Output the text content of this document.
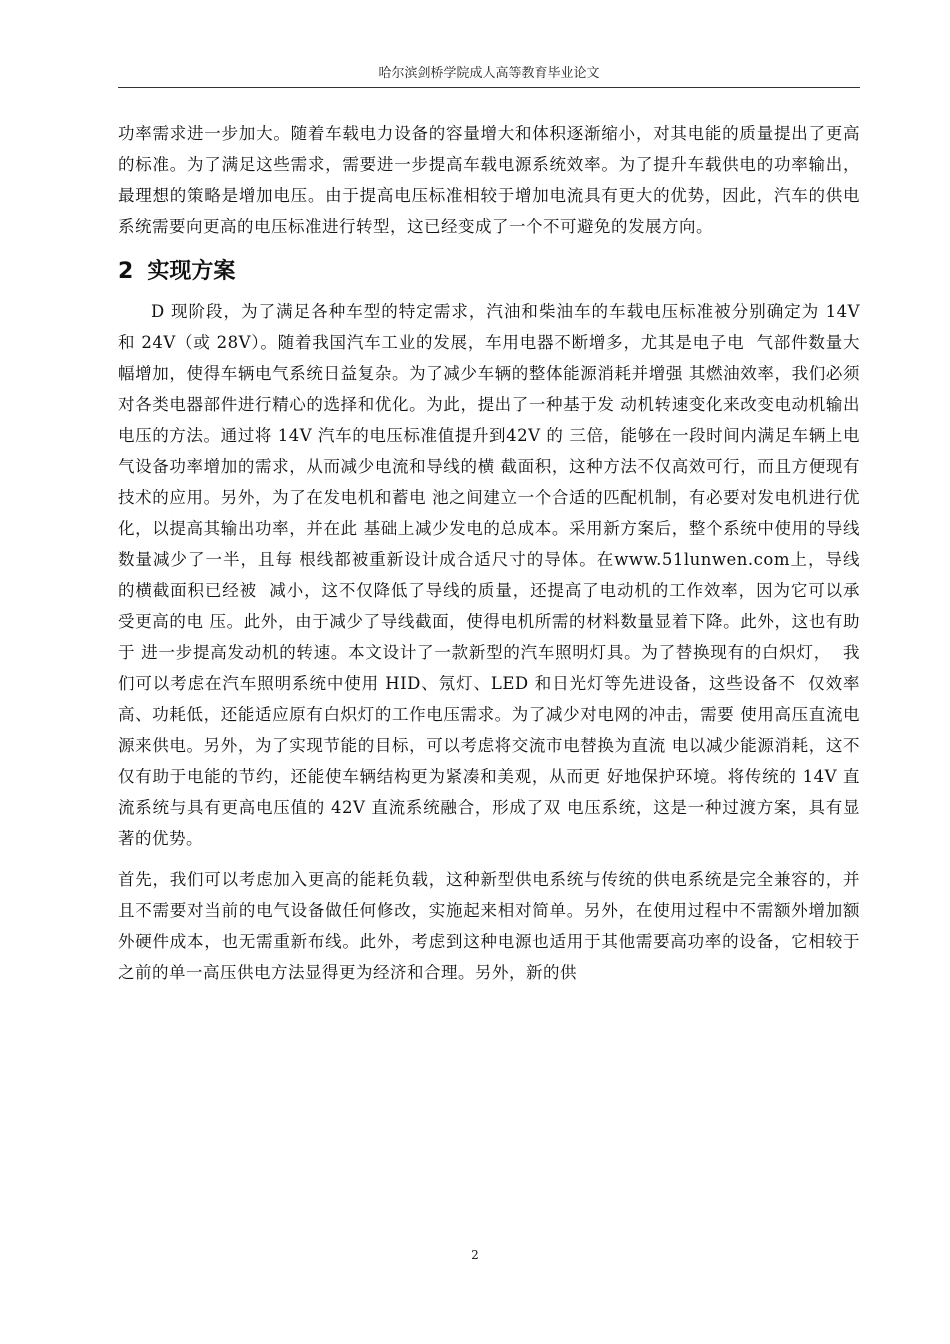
哈尔滨剑桥学院成人高等教育毕业论文

功率需求进一步加大。随着车载电力设备的容量增大和体积逐渐缩小，对其电能的质量提出了更高的标准。为了满足这些需求，需要进一步提高车载电源系统效率。为了提升车载供电的功率输出，最理想的策略是增加电压。由于提高电压标准相较于增加电流具有更大的优势，因此，汽车的供电系统需要向更高的电压标准进行转型，这已经变成了一个不可避免的发展方向。

2 实现方案

D 现阶段，为了满足各种车型的特定需求，汽油和柴油车的车载电压标准被分别确定为 14V 和 24V（或 28V）。随着我国汽车工业的发展，车用电器不断增多，尤其是电子电  气部件数量大幅增加，使得车辆电气系统日益复杂。为了减少车辆的整体能源消耗并增强 其燃油效率，我们必须对各类电器部件进行精心的选择和优化。为此，提出了一种基于发 动机转速变化来改变电动机输出电压的方法。通过将 14V 汽车的电压标准值提升到42V 的 三倍，能够在一段时间内满足车辆上电气设备功率增加的需求，从而减少电流和导线的横 截面积，这种方法不仅高效可行，而且方便现有技术的应用。另外，为了在发电机和蓄电 池之间建立一个合适的匹配机制，有必要对发电机进行优化，以提高其输出功率，并在此 基础上减少发电的总成本。采用新方案后，整个系统中使用的导线数量减少了一半，且每 根线都被重新设计成合适尺寸的导体。在www.51lunwen.com上，导线的横截面积已经被  减小，这不仅降低了导线的质量，还提高了电动机的工作效率，因为它可以承受更高的电 压。此外，由于减少了导线截面，使得电机所需的材料数量显着下降。此外，这也有助于 进一步提高发动机的转速。本文设计了一款新型的汽车照明灯具。为了替换现有的白炽灯，  我们可以考虑在汽车照明系统中使用 HID、氖灯、LED 和日光灯等先进设备，这些设备不  仅效率高、功耗低，还能适应原有白炽灯的工作电压需求。为了减少对电网的冲击，需要 使用高压直流电源来供电。另外，为了实现节能的目标，可以考虑将交流市电替换为直流 电以减少能源消耗，这不仅有助于电能的节约，还能使车辆结构更为紧凑和美观，从而更 好地保护环境。将传统的 14V 直流系统与具有更高电压值的 42V 直流系统融合，形成了双 电压系统，这是一种过渡方案，具有显著的优势。

首先，我们可以考虑加入更高的能耗负载，这种新型供电系统与传统的供电系统是完全兼容的，并且不需要对当前的电气设备做任何修改，实施起来相对简单。另外，在使用过程中不需额外增加额外硬件成本，也无需重新布线。此外，考虑到这种电源也适用于其他需要高功率的设备，它相较于之前的单一高压供电方法显得更为经济和合理。另外，新的供

2
